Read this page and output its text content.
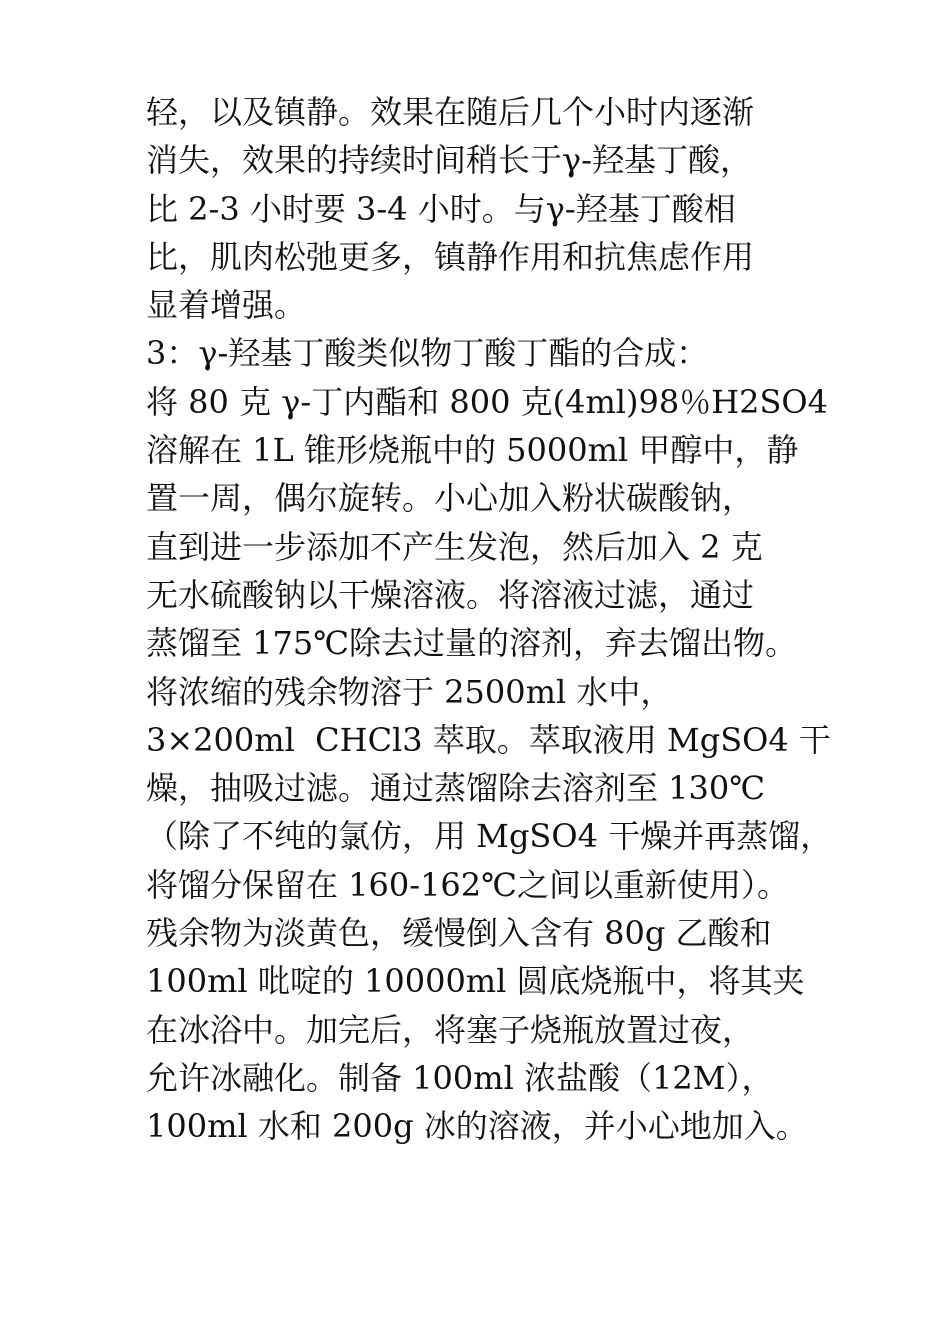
轻，以及镇静。效果在随后几个小时内逐渐
消失，效果的持续时间稍长于γ-羟基丁酸，
比 2-3 小时要 3-4 小时。与γ-羟基丁酸相
比，肌肉松弛更多，镇静作用和抗焦虑作用
显着增强。
3：γ-羟基丁酸类似物丁酸丁酯的合成：
将 80 克 γ-丁内酯和 800 克(4ml)98％H2SO4
溶解在 1L 锥形烧瓶中的 5000ml 甲醇中，静
置一周，偶尔旋转。小心加入粉状碳酸钠，
直到进一步添加不产生发泡，然后加入 2 克
无水硫酸钠以干燥溶液。将溶液过滤，通过
蒸馏至 175℃除去过量的溶剂，弃去馏出物。
将浓缩的残余物溶于 2500ml 水中，
3×200ml  CHCl3 萃取。萃取液用 MgSO4 干
燥，抽吸过滤。通过蒸馏除去溶剂至 130℃
（除了不纯的氯仿，用 MgSO4 干燥并再蒸馏，
将馏分保留在 160-162℃之间以重新使用）。
残余物为淡黄色，缓慢倒入含有 80g 乙酸和
100ml 吡啶的 10000ml 圆底烧瓶中，将其夹
在冰浴中。加完后，将塞子烧瓶放置过夜，
允许冰融化。制备 100ml 浓盐酸（12M），
100ml 水和 200g 冰的溶液，并小心地加入。
